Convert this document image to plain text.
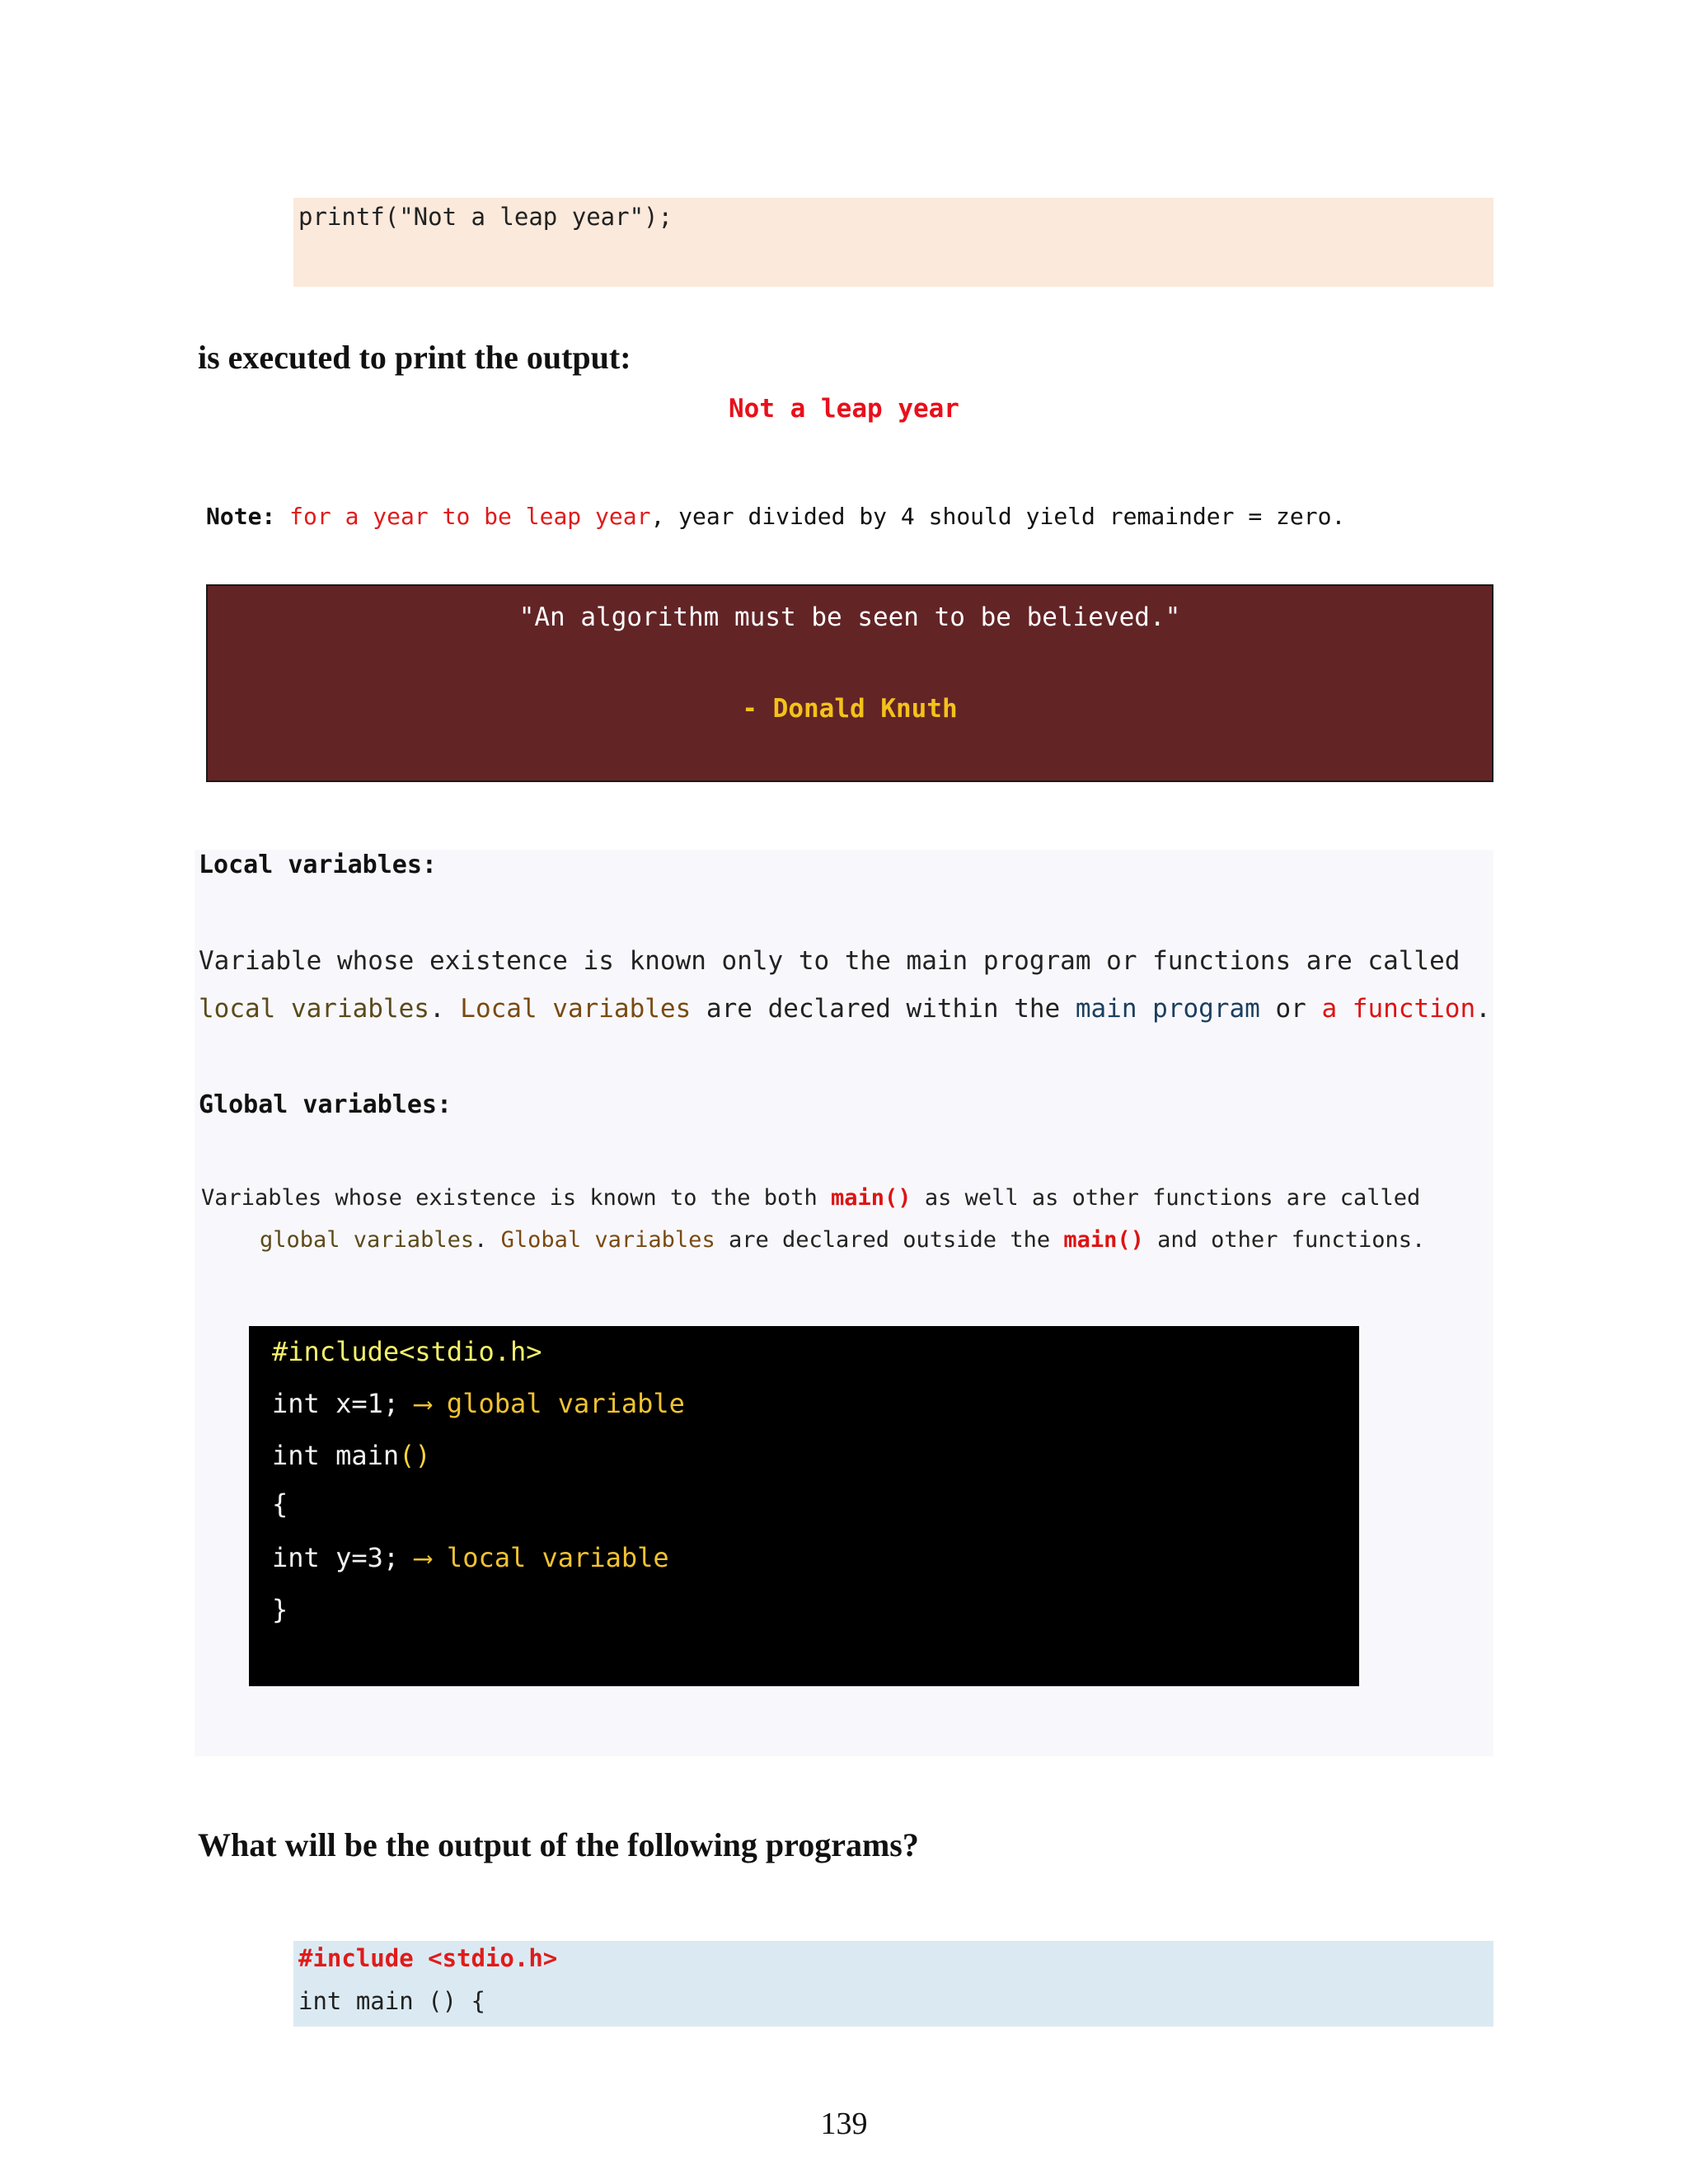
printf("Not a leap year");
is executed to print the output:
Not a leap year
Note: for a year to be leap year, year divided by 4 should yield remainder = zero.
"An algorithm must be seen to be believed."
- Donald Knuth
Local variables:
Variable whose existence is known only to the main program or functions are called
local variables. Local variables are declared within the main program or a function.
Global variables:
Variables whose existence is known to the both main() as well as other functions are called
global variables. Global variables are declared outside the main() and other functions.
#include<stdio.h>
int x=1; ⟶ global variable
int main()
{
int y=3; ⟶ local variable
}
What will be the output of the following programs?
#include <stdio.h>
int main () {
139
